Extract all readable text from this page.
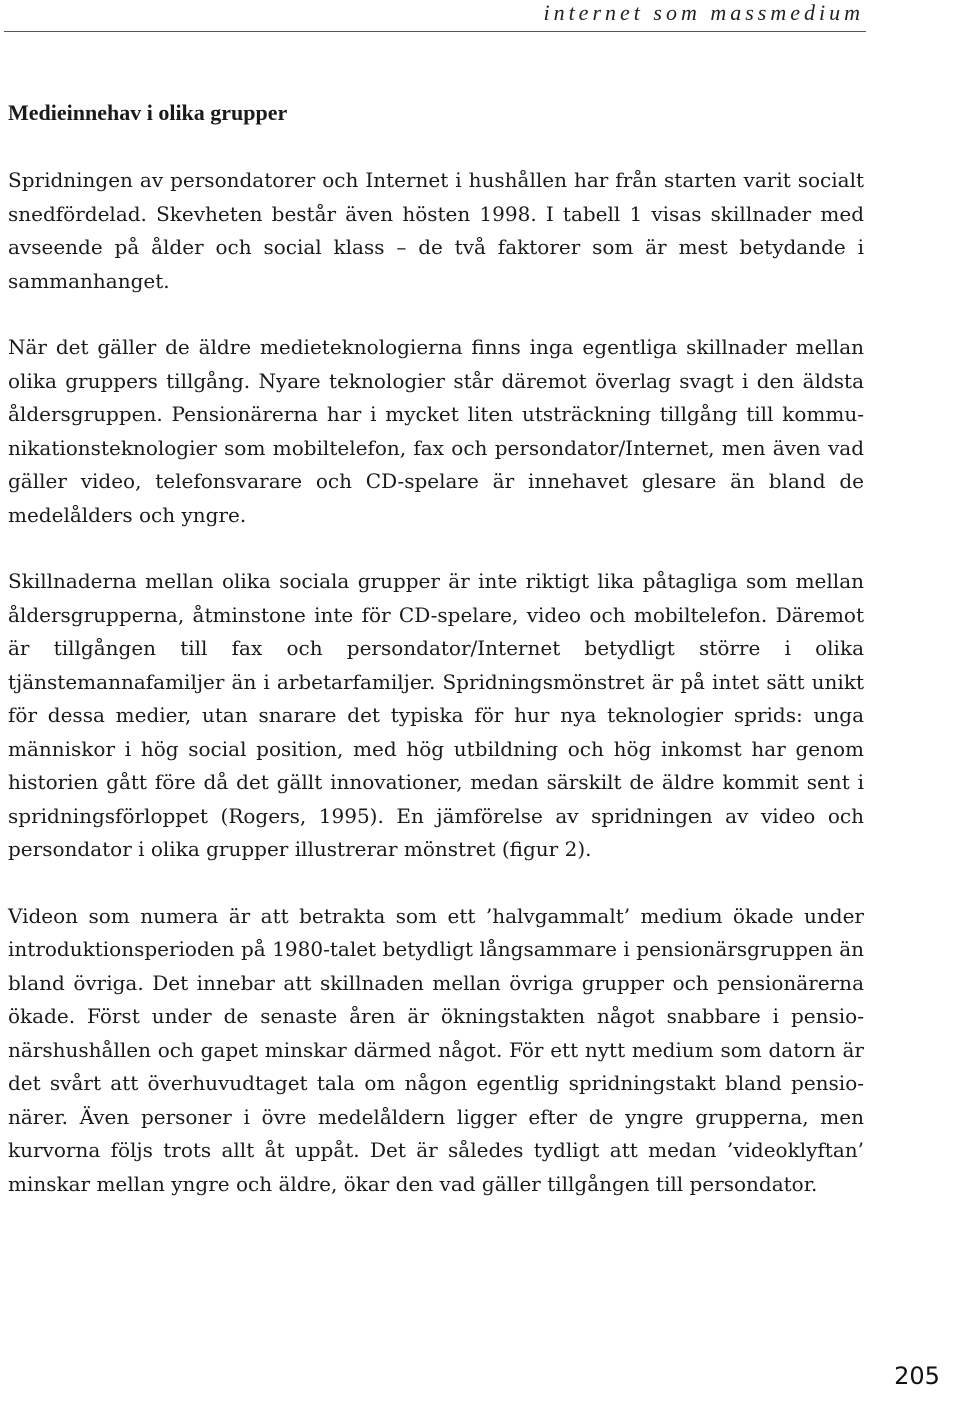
internet som massmedium
Medieinnehav i olika grupper

Spridningen av persondatorer och Internet i hushållen har från starten varit socialt snedfördelad. Skevheten består även hösten 1998. I tabell 1 visas skillnader med avseende på ålder och social klass – de två faktorer som är mest betydande i sammanhanget.

När det gäller de äldre medieteknologierna finns inga egentliga skillnader mellan olika gruppers tillgång. Nyare teknologier står däremot överlag svagt i den äldsta åldersgruppen. Pensionärerna har i mycket liten utsträckning tillgång till kommunikationsteknologier som mobiltelefon, fax och persondator/Internet, men även vad gäller video, telefonsvarare och CD-spelare är innehavet glesare än bland de medelålders och yngre.

Skillnaderna mellan olika sociala grupper är inte riktigt lika påtagliga som mellan åldersgrupperna, åtminstone inte för CD-spelare, video och mobiltelefon. Däremot är tillgången till fax och persondator/Internet betydligt större i olika tjänstemannafamiljer än i arbetarfamiljer. Spridningsmönstret är på intet sätt unikt för dessa medier, utan snarare det typiska för hur nya teknologier sprids: unga människor i hög social position, med hög utbildning och hög inkomst har genom historien gått före då det gällt innovationer, medan särskilt de äldre kommit sent i spridningsförloppet (Rogers, 1995). En jämförelse av spridningen av video och persondator i olika grupper illustrerar mönstret (figur 2).

Videon som numera är att betrakta som ett ’halvgammalt’ medium ökade under introduktionsperioden på 1980-talet betydligt långsammare i pensionärsgruppen än bland övriga. Det innebar att skillnaden mellan övriga grupper och pensionärerna ökade. Först under de senaste åren är ökningstakten något snabbare i pensionärshushållen och gapet minskar därmed något. För ett nytt medium som datorn är det svårt att överhuvudtaget tala om någon egentlig spridningstakt bland pensionärer. Även personer i övre medelåldern ligger efter de yngre grupperna, men kurvorna följs trots allt åt uppåt. Det är således tydligt att medan ’videoklyftan’ minskar mellan yngre och äldre, ökar den vad gäller tillgången till persondator.

205
